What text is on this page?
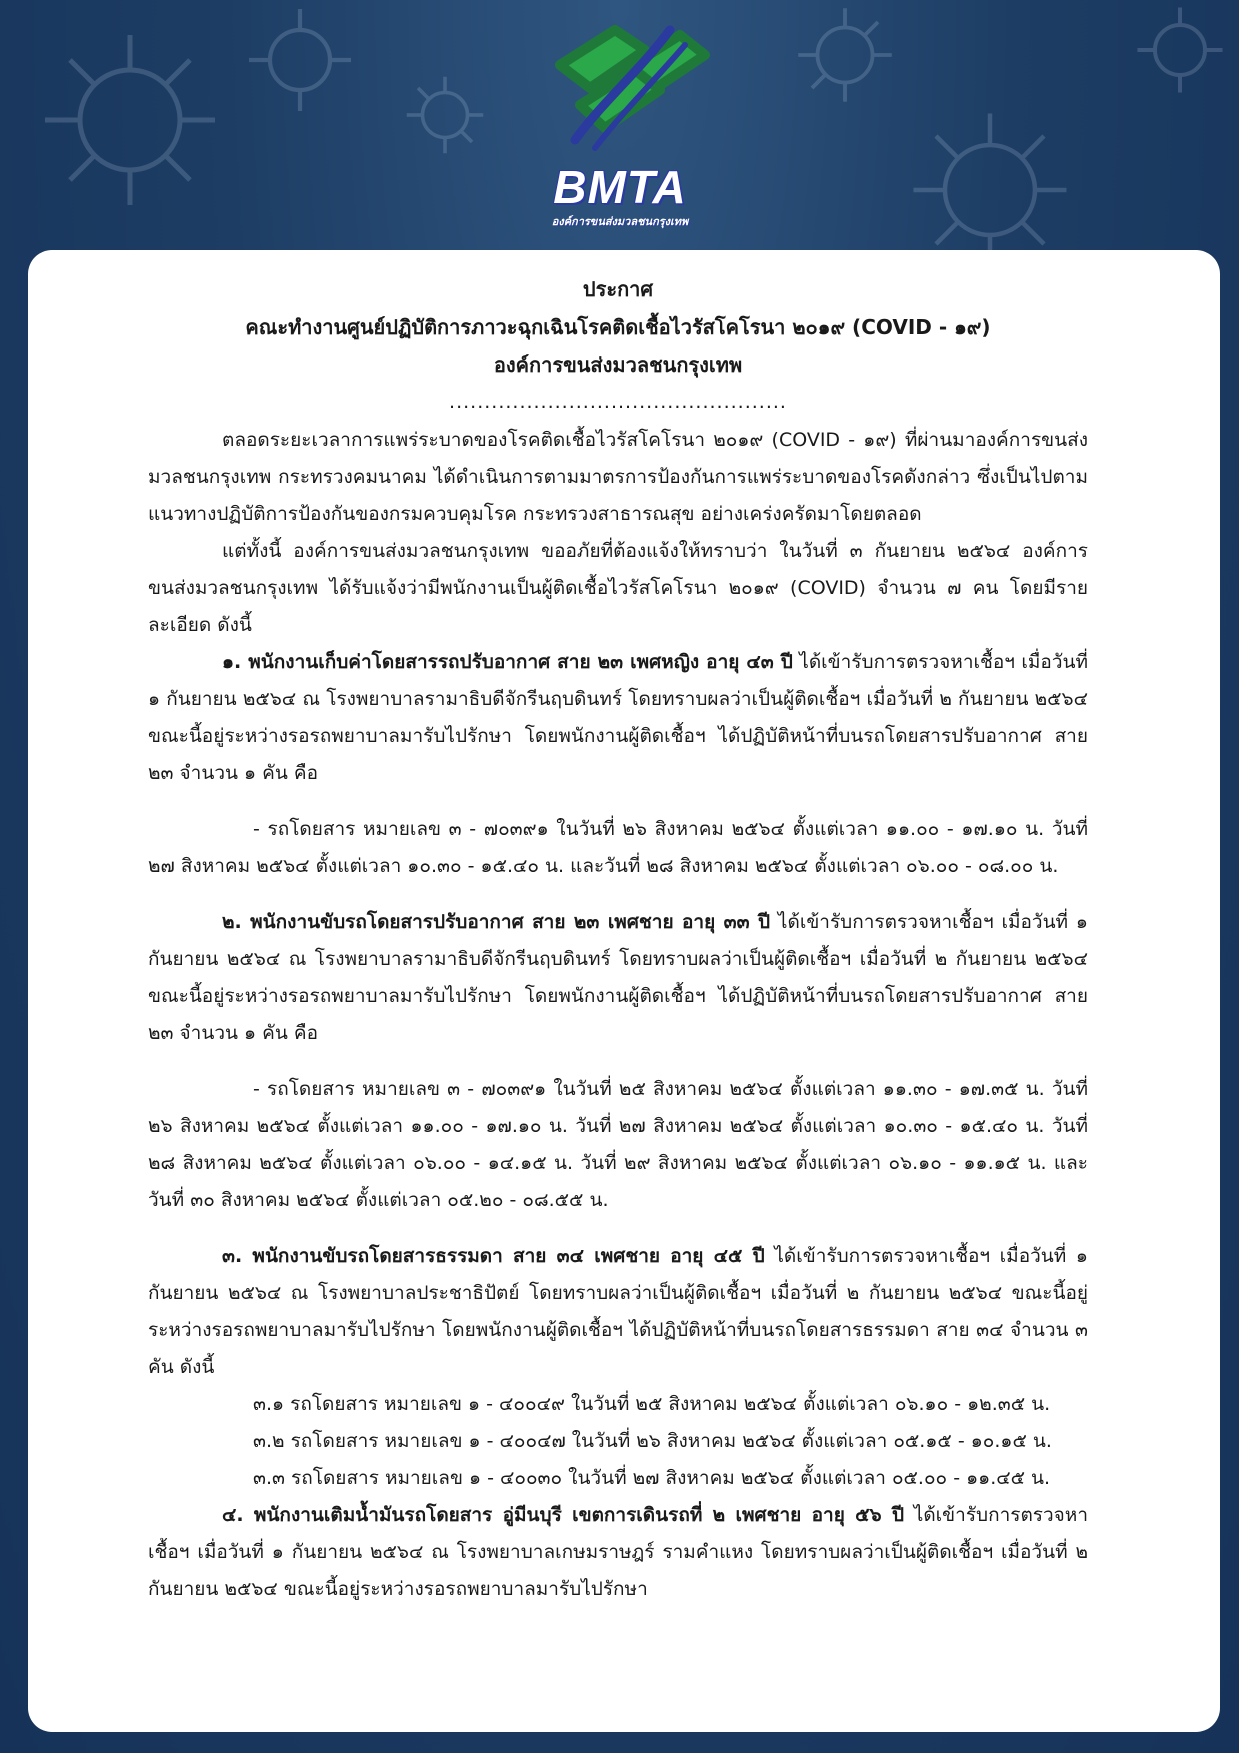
BMTA
องค์การขนส่งมวลชนกรุงเทพ
ประกาศ
คณะทำงานศูนย์ปฏิบัติการภาวะฉุกเฉินโรคติดเชื้อไวรัสโคโรนา ๒๐๑๙ (COVID - ๑๙)
องค์การขนส่งมวลชนกรุงเทพ
................................................

ตลอดระยะเวลาการแพร่ระบาดของโรคติดเชื้อไวรัสโคโรนา ๒๐๑๙ (COVID - ๑๙) ที่ผ่านมาองค์การขนส่งมวลชนกรุงเทพ กระทรวงคมนาคม ได้ดำเนินการตามมาตรการป้องกันการแพร่ระบาดของโรคดังกล่าว ซึ่งเป็นไปตามแนวทางปฏิบัติการป้องกันของกรมควบคุมโรค กระทรวงสาธารณสุข อย่างเคร่งครัดมาโดยตลอด

แต่ทั้งนี้ องค์การขนส่งมวลชนกรุงเทพ ขออภัยที่ต้องแจ้งให้ทราบว่า ในวันที่ ๓ กันยายน ๒๕๖๔ องค์การขนส่งมวลชนกรุงเทพ ได้รับแจ้งว่ามีพนักงานเป็นผู้ติดเชื้อไวรัสโคโรนา ๒๐๑๙ (COVID) จำนวน ๗ คน โดยมีรายละเอียด ดังนี้

๑. พนักงานเก็บค่าโดยสารรถปรับอากาศ สาย ๒๓ เพศหญิง อายุ ๔๓ ปี ได้เข้ารับการตรวจหาเชื้อฯ เมื่อวันที่ ๑ กันยายน ๒๕๖๔ ณ โรงพยาบาลรามาธิบดีจักรีนฤบดินทร์ โดยทราบผลว่าเป็นผู้ติดเชื้อฯ เมื่อวันที่ ๒ กันยายน ๒๕๖๔ ขณะนี้อยู่ระหว่างรอรถพยาบาลมารับไปรักษา โดยพนักงานผู้ติดเชื้อฯ ได้ปฏิบัติหน้าที่บนรถโดยสารปรับอากาศ สาย ๒๓ จำนวน ๑ คัน คือ

- รถโดยสาร หมายเลข ๓ - ๗๐๓๙๑ ในวันที่ ๒๖ สิงหาคม ๒๕๖๔ ตั้งแต่เวลา ๑๑.๐๐ - ๑๗.๑๐ น. วันที่ ๒๗ สิงหาคม ๒๕๖๔ ตั้งแต่เวลา ๑๐.๓๐ - ๑๕.๔๐ น. และวันที่ ๒๘ สิงหาคม ๒๕๖๔ ตั้งแต่เวลา ๐๖.๐๐ - ๐๘.๐๐ น.

๒. พนักงานขับรถโดยสารปรับอากาศ สาย ๒๓ เพศชาย อายุ ๓๓ ปี ได้เข้ารับการตรวจหาเชื้อฯ เมื่อวันที่ ๑ กันยายน ๒๕๖๔ ณ โรงพยาบาลรามาธิบดีจักรีนฤบดินทร์ โดยทราบผลว่าเป็นผู้ติดเชื้อฯ เมื่อวันที่ ๒ กันยายน ๒๕๖๔ ขณะนี้อยู่ระหว่างรอรถพยาบาลมารับไปรักษา โดยพนักงานผู้ติดเชื้อฯ ได้ปฏิบัติหน้าที่บนรถโดยสารปรับอากาศ สาย ๒๓ จำนวน ๑ คัน คือ

- รถโดยสาร หมายเลข ๓ - ๗๐๓๙๑ ในวันที่ ๒๕ สิงหาคม ๒๕๖๔ ตั้งแต่เวลา ๑๑.๓๐ - ๑๗.๓๕ น. วันที่ ๒๖ สิงหาคม ๒๕๖๔ ตั้งแต่เวลา ๑๑.๐๐ - ๑๗.๑๐ น. วันที่ ๒๗ สิงหาคม ๒๕๖๔ ตั้งแต่เวลา ๑๐.๓๐ - ๑๕.๔๐ น. วันที่ ๒๘ สิงหาคม ๒๕๖๔ ตั้งแต่เวลา ๐๖.๐๐ - ๑๔.๑๕ น. วันที่ ๒๙ สิงหาคม ๒๕๖๔ ตั้งแต่เวลา ๐๖.๑๐ - ๑๑.๑๕ น. และวันที่ ๓๐ สิงหาคม ๒๕๖๔ ตั้งแต่เวลา ๐๕.๒๐ - ๐๘.๕๕ น.

๓. พนักงานขับรถโดยสารธรรมดา สาย ๓๔ เพศชาย อายุ ๔๕ ปี ได้เข้ารับการตรวจหาเชื้อฯ เมื่อวันที่ ๑ กันยายน ๒๕๖๔ ณ โรงพยาบาลประชาธิปัตย์ โดยทราบผลว่าเป็นผู้ติดเชื้อฯ เมื่อวันที่ ๒ กันยายน ๒๕๖๔ ขณะนี้อยู่ระหว่างรอรถพยาบาลมารับไปรักษา โดยพนักงานผู้ติดเชื้อฯ ได้ปฏิบัติหน้าที่บนรถโดยสารธรรมดา สาย ๓๔ จำนวน ๓ คัน ดังนี้

๓.๑ รถโดยสาร หมายเลข ๑ - ๔๐๐๔๙ ในวันที่ ๒๕ สิงหาคม ๒๕๖๔ ตั้งแต่เวลา ๐๖.๑๐ - ๑๒.๓๕ น.
๓.๒ รถโดยสาร หมายเลข ๑ - ๔๐๐๔๗ ในวันที่ ๒๖ สิงหาคม ๒๕๖๔ ตั้งแต่เวลา ๐๕.๑๕ - ๑๐.๑๕ น.
๓.๓ รถโดยสาร หมายเลข ๑ - ๔๐๐๓๐ ในวันที่ ๒๗ สิงหาคม ๒๕๖๔ ตั้งแต่เวลา ๐๕.๐๐ - ๑๑.๔๕ น.

๔. พนักงานเติมน้ำมันรถโดยสาร อู่มีนบุรี เขตการเดินรถที่ ๒ เพศชาย อายุ ๕๖ ปี ได้เข้ารับการตรวจหาเชื้อฯ เมื่อวันที่ ๑ กันยายน ๒๕๖๔ ณ โรงพยาบาลเกษมราษฎร์ รามคำแหง โดยทราบผลว่าเป็นผู้ติดเชื้อฯ เมื่อวันที่ ๒ กันยายน ๒๕๖๔ ขณะนี้อยู่ระหว่างรอรถพยาบาลมารับไปรักษา
